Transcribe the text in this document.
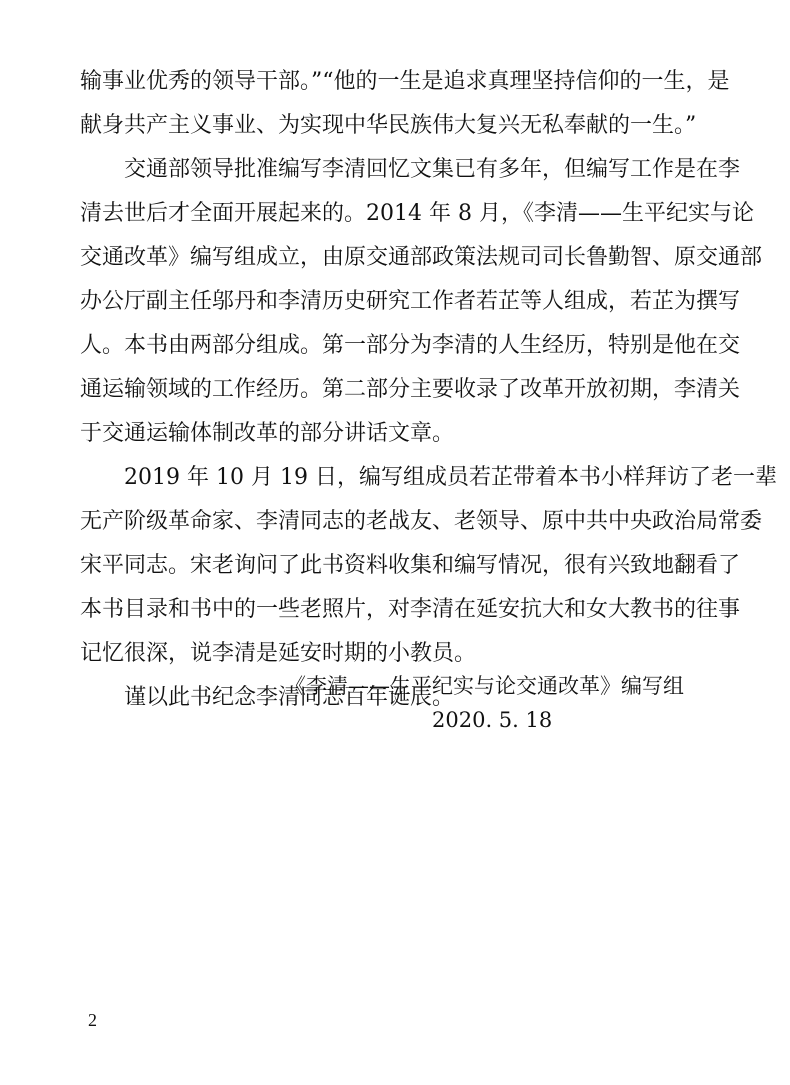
输事业优秀的领导干部。”“他的一生是追求真理坚持信仰的一生，是
献身共产主义事业、为实现中华民族伟大复兴无私奉献的一生。”
交通部领导批准编写李清回忆文集已有多年，但编写工作是在李
清去世后才全面开展起来的。2014 年 8 月，《李清——生平纪实与论
交通改革》编写组成立，由原交通部政策法规司司长鲁勤智、原交通部
办公厅副主任邬丹和李清历史研究工作者若芷等人组成，若芷为撰写
人。本书由两部分组成。第一部分为李清的人生经历，特别是他在交
通运输领域的工作经历。第二部分主要收录了改革开放初期，李清关
于交通运输体制改革的部分讲话文章。
2019 年 10 月 19 日，编写组成员若芷带着本书小样拜访了老一辈
无产阶级革命家、李清同志的老战友、老领导、原中共中央政治局常委
宋平同志。宋老询问了此书资料收集和编写情况，很有兴致地翻看了
本书目录和书中的一些老照片，对李清在延安抗大和女大教书的往事
记忆很深，说李清是延安时期的小教员。
谨以此书纪念李清同志百年诞辰。
《李清——生平纪实与论交通改革》编写组
2020. 5. 18
2
